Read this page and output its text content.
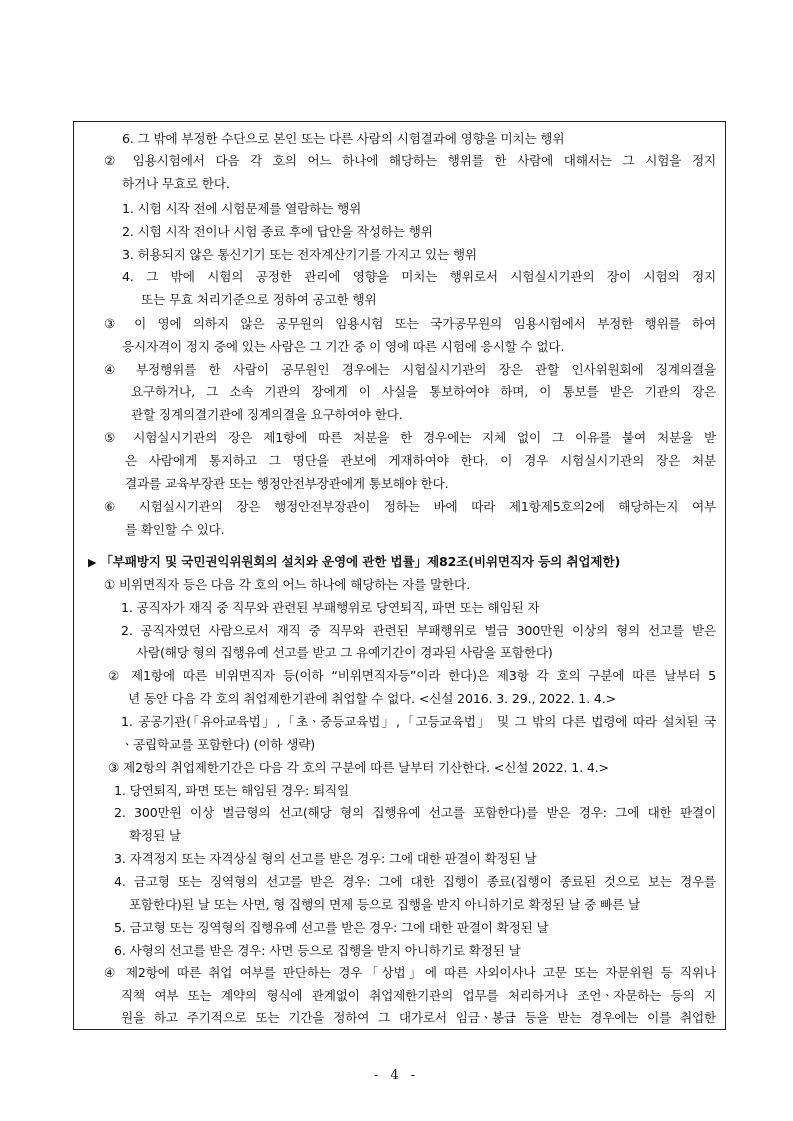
6. 그 밖에 부정한 수단으로 본인 또는 다른 사람의 시험결과에 영향을 미치는 행위
② 임용시험에서 다음 각 호의 어느 하나에 해당하는 행위를 한 사람에 대해서는 그 시험을 정지
하거나 무효로 한다.
1. 시험 시작 전에 시험문제를 열람하는 행위
2. 시험 시작 전이나 시험 종료 후에 답안을 작성하는 행위
3. 허용되지 않은 통신기기 또는 전자계산기기를 가지고 있는 행위
4. 그 밖에 시험의 공정한 관리에 영향을 미치는 행위로서 시험실시기관의 장이 시험의 정지
또는 무효 처리기준으로 정하여 공고한 행위
③ 이 영에 의하지 않은 공무원의 임용시험 또는 국가공무원의 임용시험에서 부정한 행위를 하여
응시자격이 정지 중에 있는 사람은 그 기간 중 이 영에 따른 시험에 응시할 수 없다.
④ 부정행위를 한 사람이 공무원인 경우에는 시험실시기관의 장은 관할 인사위원회에 징계의결을
요구하거나, 그 소속 기관의 장에게 이 사실을 통보하여야 하며, 이 통보를 받은 기관의 장은
관할 징계의결기관에 징계의결을 요구하여야 한다.
⑤ 시험실시기관의 장은 제1항에 따른 처분을 한 경우에는 지체 없이 그 이유를 붙여 처분을 받
은 사람에게 통지하고 그 명단을 관보에 게재하여야 한다. 이 경우 시험실시기관의 장은 처분
결과를 교육부장관 또는 행정안전부장관에게 통보해야 한다.
⑥ 시험실시기관의 장은 행정안전부장관이 정하는 바에 따라 제1항제5호의2에 해당하는지 여부
를 확인할 수 있다.
▶ 「부패방지 및 국민권익위원회의 설치와 운영에 관한 법률」제82조(비위면직자 등의 취업제한)
① 비위면직자 등은 다음 각 호의 어느 하나에 해당하는 자를 말한다.
1. 공직자가 재직 중 직무와 관련된 부패행위로 당연퇴직, 파면 또는 해임된 자
2. 공직자였던 사람으로서 재직 중 직무와 관련된 부패행위로 벌금 300만원 이상의 형의 선고를 받은
사람(해당 형의 집행유예 선고를 받고 그 유예기간이 경과된 사람을 포함한다)
② 제1항에 따른 비위면직자 등(이하 “비위면직자등”이라 한다)은 제3항 각 호의 구분에 따른 날부터 5
년 동안 다음 각 호의 취업제한기관에 취업할 수 없다. <신설 2016. 3. 29., 2022. 1. 4.>
1. 공공기관(「유아교육법」,「초ㆍ중등교육법」,「고등교육법」 및 그 밖의 다른 법령에 따라 설치된 국
ㆍ공립학교를 포함한다) (이하 생략)
③ 제2항의 취업제한기간은 다음 각 호의 구분에 따른 날부터 기산한다. <신설 2022. 1. 4.>
1. 당연퇴직, 파면 또는 해임된 경우: 퇴직일
2. 300만원 이상 벌금형의 선고(해당 형의 집행유예 선고를 포함한다)를 받은 경우: 그에 대한 판결이
확정된 날
3. 자격정지 또는 자격상실 형의 선고를 받은 경우: 그에 대한 판결이 확정된 날
4. 금고형 또는 징역형의 선고를 받은 경우: 그에 대한 집행이 종료(집행이 종료된 것으로 보는 경우를
포함한다)된 날 또는 사면, 형 집행의 면제 등으로 집행을 받지 아니하기로 확정된 날 중 빠른 날
5. 금고형 또는 징역형의 집행유예 선고를 받은 경우: 그에 대한 판결이 확정된 날
6. 사형의 선고를 받은 경우: 사면 등으로 집행을 받지 아니하기로 확정된 날
④ 제2항에 따른 취업 여부를 판단하는 경우「상법」에 따른 사외이사나 고문 또는 자문위원 등 직위나
직책 여부 또는 계약의 형식에 관계없이 취업제한기관의 업무를 처리하거나 조언ㆍ자문하는 등의 지
원을 하고 주기적으로 또는 기간을 정하여 그 대가로서 임금ㆍ봉급 등을 받는 경우에는 이를 취업한
- 4 -
